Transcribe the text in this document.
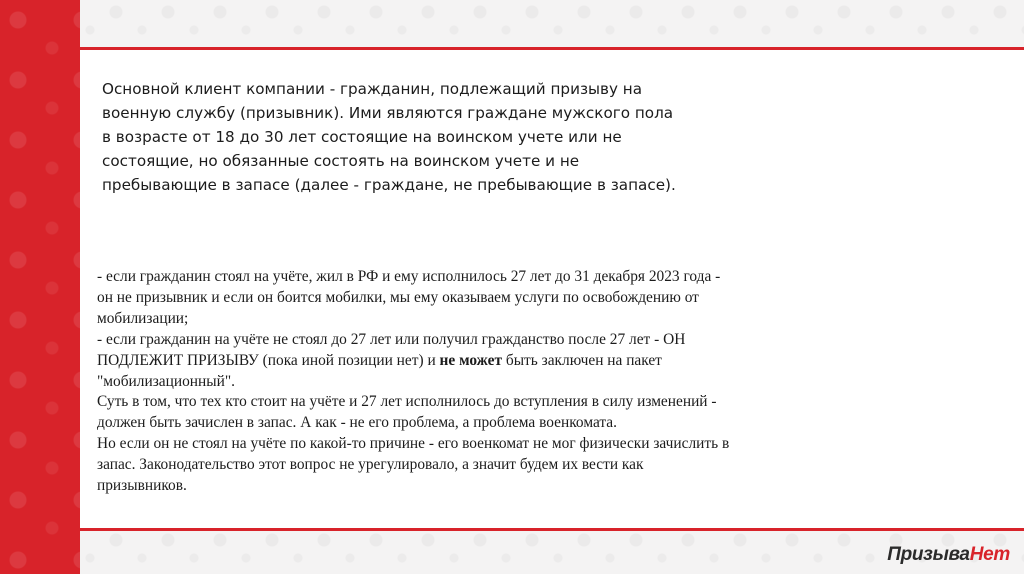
Основной клиент компании - гражданин, подлежащий призыву на военную службу (призывник). Ими являются граждане мужского пола в возрасте от 18 до 30 лет состоящие на воинском учете или не состоящие, но обязанные состоять на воинском учете и не пребывающие в запасе (далее - граждане, не пребывающие в запасе).

- если гражданин стоял на учёте, жил в РФ и ему исполнилось 27 лет до 31 декабря 2023 года - он не призывник и если он боится мобилки, мы ему оказываем услуги по освобождению от мобилизации;

- если гражданин на учёте не стоял до 27 лет или получил гражданство после 27 лет - ОН ПОДЛЕЖИТ ПРИЗЫВУ (пока иной позиции нет) и не может быть заключен на пакет "мобилизационный".

Суть в том, что тех кто стоит на учёте и 27 лет исполнилось до вступления в силу изменений - должен быть зачислен в запас. А как - не его проблема, а проблема военкомата.

Но если он не стоял на учёте по какой-то причине - его военкомат не мог физически зачислить в запас. Законодательство этот вопрос не урегулировало, а значит будем их вести как призывников.

ПризываНет
